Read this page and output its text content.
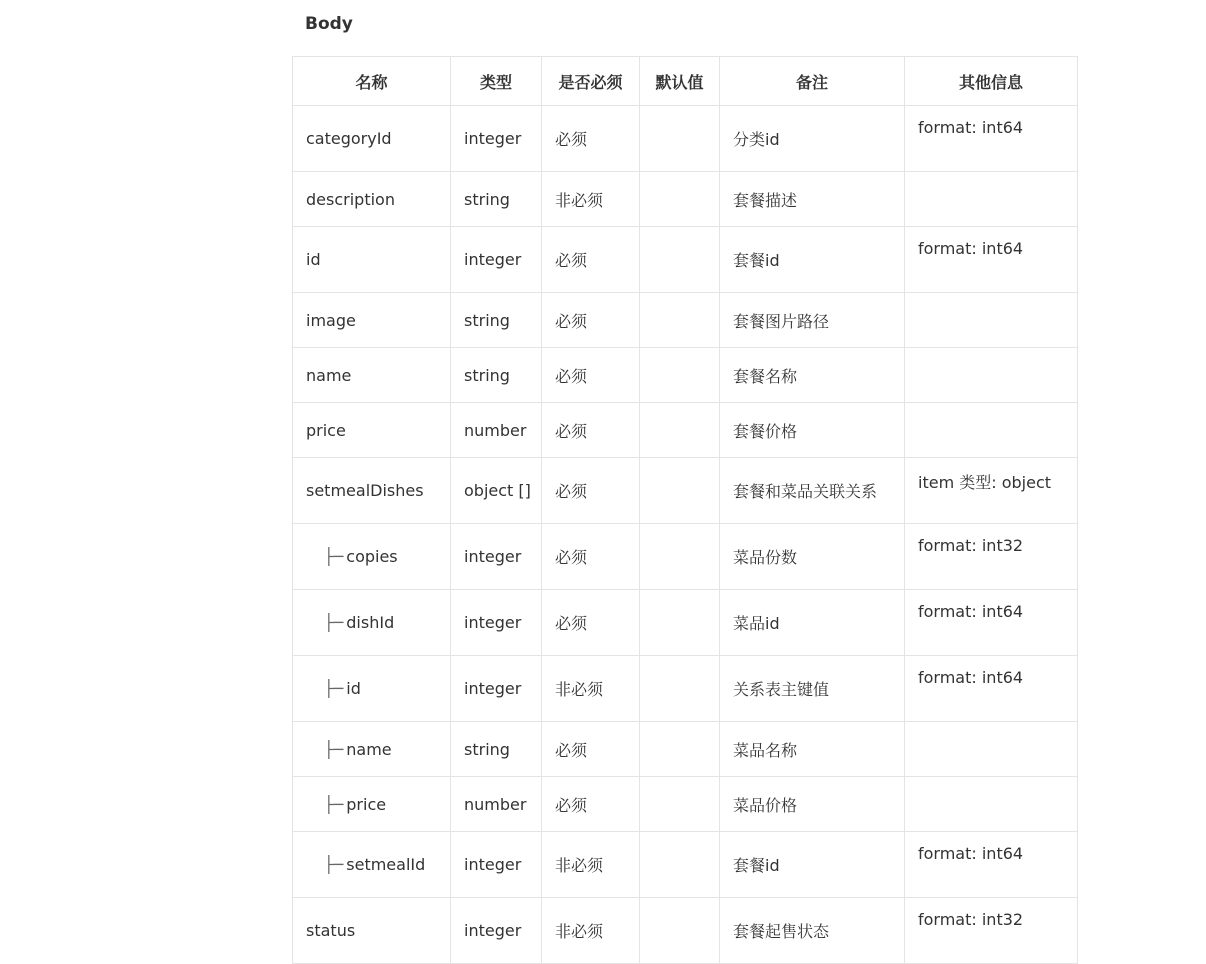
Body
名称	类型	是否必须	默认值	备注	其他信息
categoryId	integer	必须		分类id	format: int64
description	string	非必须		套餐描述	
id	integer	必须		套餐id	format: int64
image	string	必须		套餐图片路径	
name	string	必须		套餐名称	
price	number	必须		套餐价格	
setmealDishes	object []	必须		套餐和菜品关联关系	item 类型: object
├─ copies	integer	必须		菜品份数	format: int32
├─ dishId	integer	必须		菜品id	format: int64
├─ id	integer	非必须		关系表主键值	format: int64
├─ name	string	必须		菜品名称	
├─ price	number	必须		菜品价格	
├─ setmealId	integer	非必须		套餐id	format: int64
status	integer	非必须		套餐起售状态	format: int32
